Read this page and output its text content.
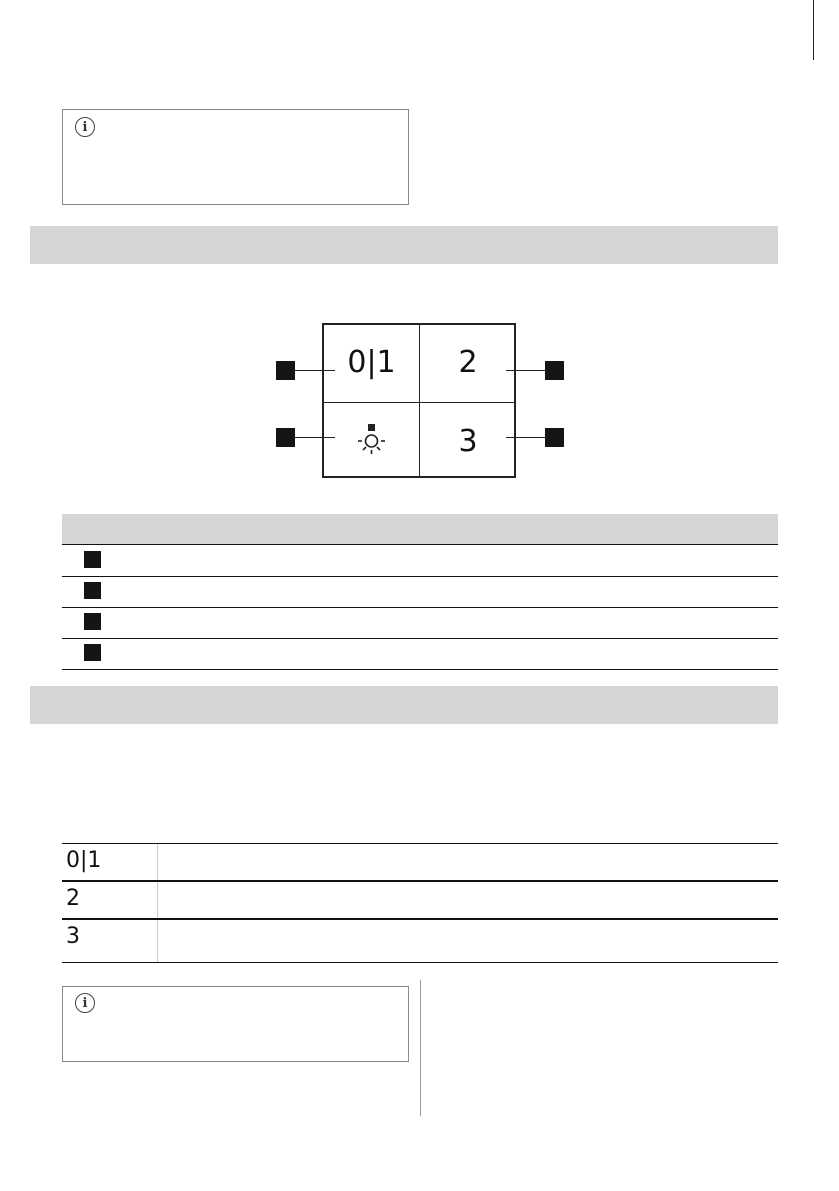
i
0|1	2
3
0|1
2
3
i
